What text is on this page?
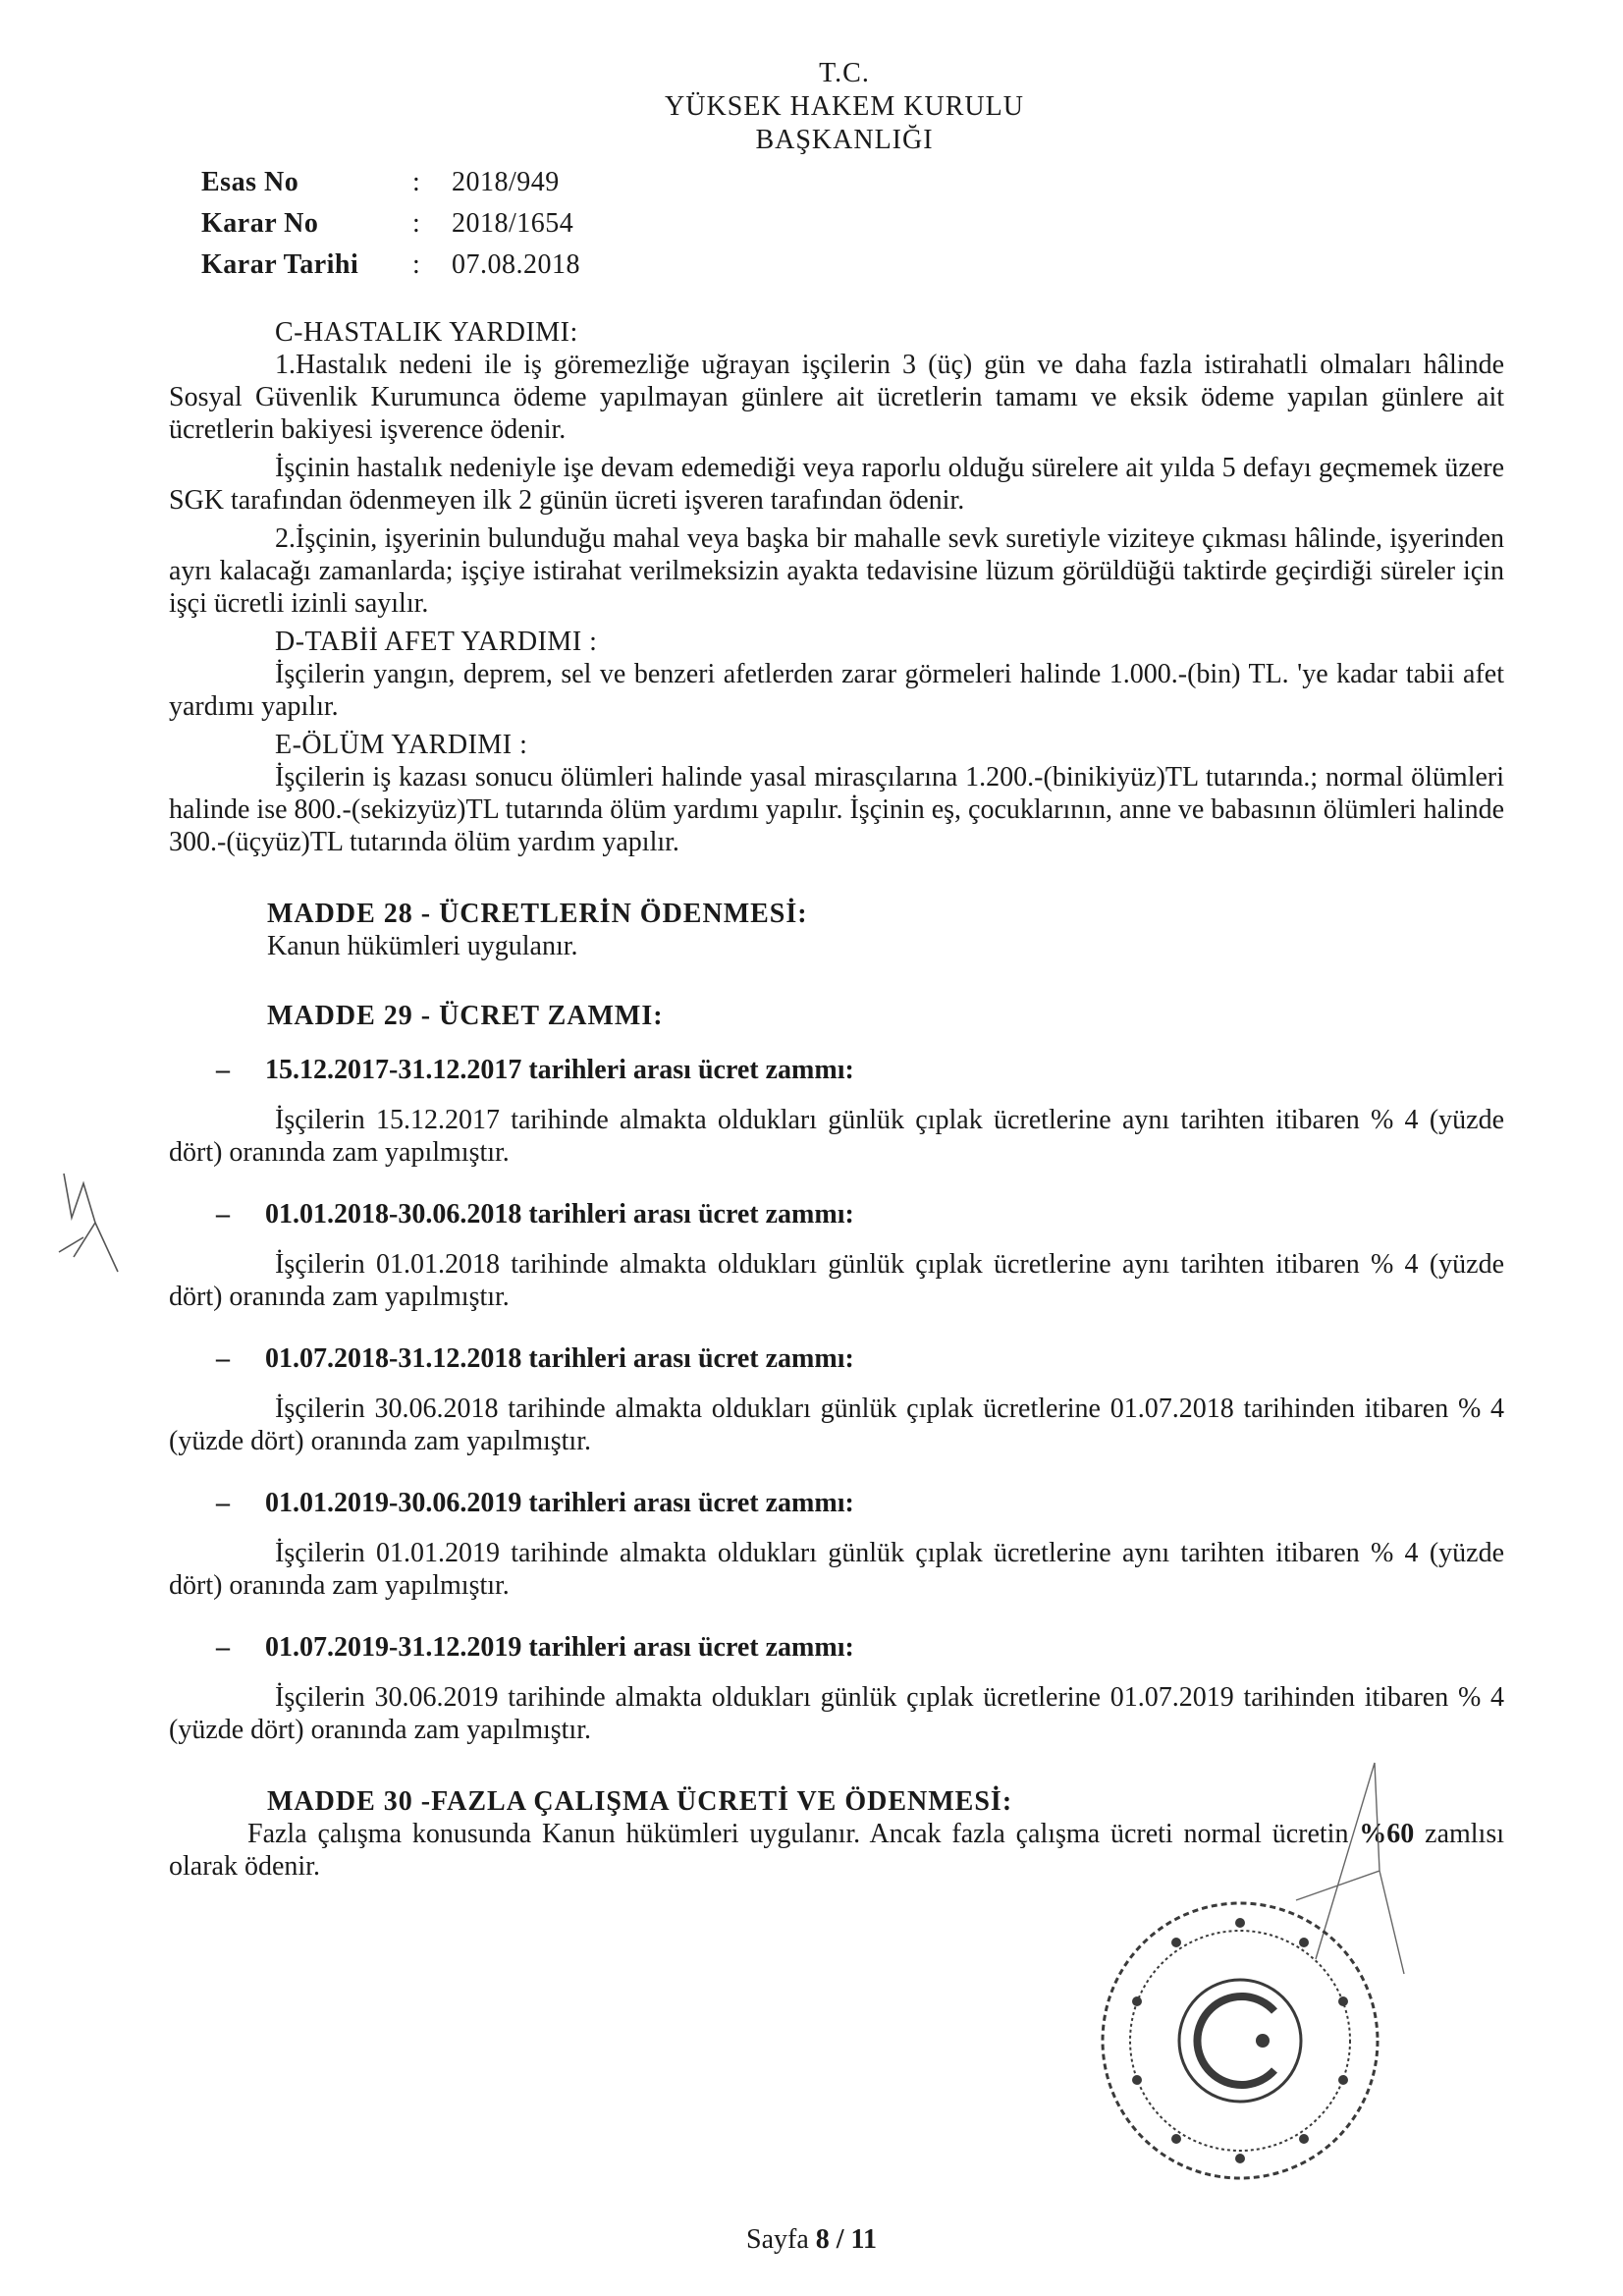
T.C.
YÜKSEK HAKEM KURULU
BAŞKANLIĞI
Esas No	:	2018/949
Karar No	:	2018/1654
Karar Tarihi	:	07.08.2018
C-HASTALIK YARDIMI:

1.Hastalık nedeni ile iş göremezliğe uğrayan işçilerin 3 (üç) gün ve daha fazla istirahatli olmaları hâlinde Sosyal Güvenlik Kurumunca ödeme yapılmayan günlere ait ücretlerin tamamı ve eksik ödeme yapılan günlere ait ücretlerin bakiyesi işverence ödenir.

İşçinin hastalık nedeniyle işe devam edemediği veya raporlu olduğu sürelere ait yılda 5 defayı geçmemek üzere SGK tarafından ödenmeyen ilk 2 günün ücreti işveren tarafından ödenir.

2.İşçinin, işyerinin bulunduğu mahal veya başka bir mahalle sevk suretiyle viziteye çıkması hâlinde, işyerinden ayrı kalacağı zamanlarda; işçiye istirahat verilmeksizin ayakta tedavisine lüzum görüldüğü taktirde geçirdiği süreler için işçi ücretli izinli sayılır.

D-TABİİ AFET YARDIMI :

İşçilerin yangın, deprem, sel ve benzeri afetlerden zarar görmeleri halinde 1.000.-(bin) TL. 'ye kadar tabii afet yardımı yapılır.

E-ÖLÜM YARDIMI :

İşçilerin iş kazası sonucu ölümleri halinde yasal mirasçılarına 1.200.-(binikiyüz)TL tutarında.; normal ölümleri halinde ise 800.-(sekizyüz)TL tutarında ölüm yardımı yapılır. İşçinin eş, çocuklarının, anne ve babasının ölümleri halinde 300.-(üçyüz)TL tutarında ölüm yardım yapılır.

MADDE 28 - ÜCRETLERİN ÖDENMESİ:
Kanun hükümleri uygulanır.
MADDE 29 - ÜCRET ZAMMI:
–	15.12.2017-31.12.2017 tarihleri arası ücret zammı:

İşçilerin 15.12.2017 tarihinde almakta oldukları günlük çıplak ücretlerine aynı tarihten itibaren % 4 (yüzde dört) oranında zam yapılmıştır.

–	01.01.2018-30.06.2018 tarihleri arası ücret zammı:

İşçilerin 01.01.2018 tarihinde almakta oldukları günlük çıplak ücretlerine aynı tarihten itibaren % 4 (yüzde dört) oranında zam yapılmıştır.

–	01.07.2018-31.12.2018 tarihleri arası ücret zammı:

İşçilerin 30.06.2018 tarihinde almakta oldukları günlük çıplak ücretlerine 01.07.2018 tarihinden itibaren % 4 (yüzde dört) oranında zam yapılmıştır.

–	01.01.2019-30.06.2019 tarihleri arası ücret zammı:

İşçilerin 01.01.2019 tarihinde almakta oldukları günlük çıplak ücretlerine aynı tarihten itibaren % 4 (yüzde dört) oranında zam yapılmıştır.

–	01.07.2019-31.12.2019 tarihleri arası ücret zammı:

İşçilerin 30.06.2019 tarihinde almakta oldukları günlük çıplak ücretlerine 01.07.2019 tarihinden itibaren % 4 (yüzde dört) oranında zam yapılmıştır.

MADDE 30 -FAZLA ÇALIŞMA ÜCRETİ VE ÖDENMESİ:

Fazla çalışma konusunda Kanun hükümleri uygulanır. Ancak fazla çalışma ücreti normal ücretin %60 zamlısı olarak ödenir.

Sayfa 8 / 11
